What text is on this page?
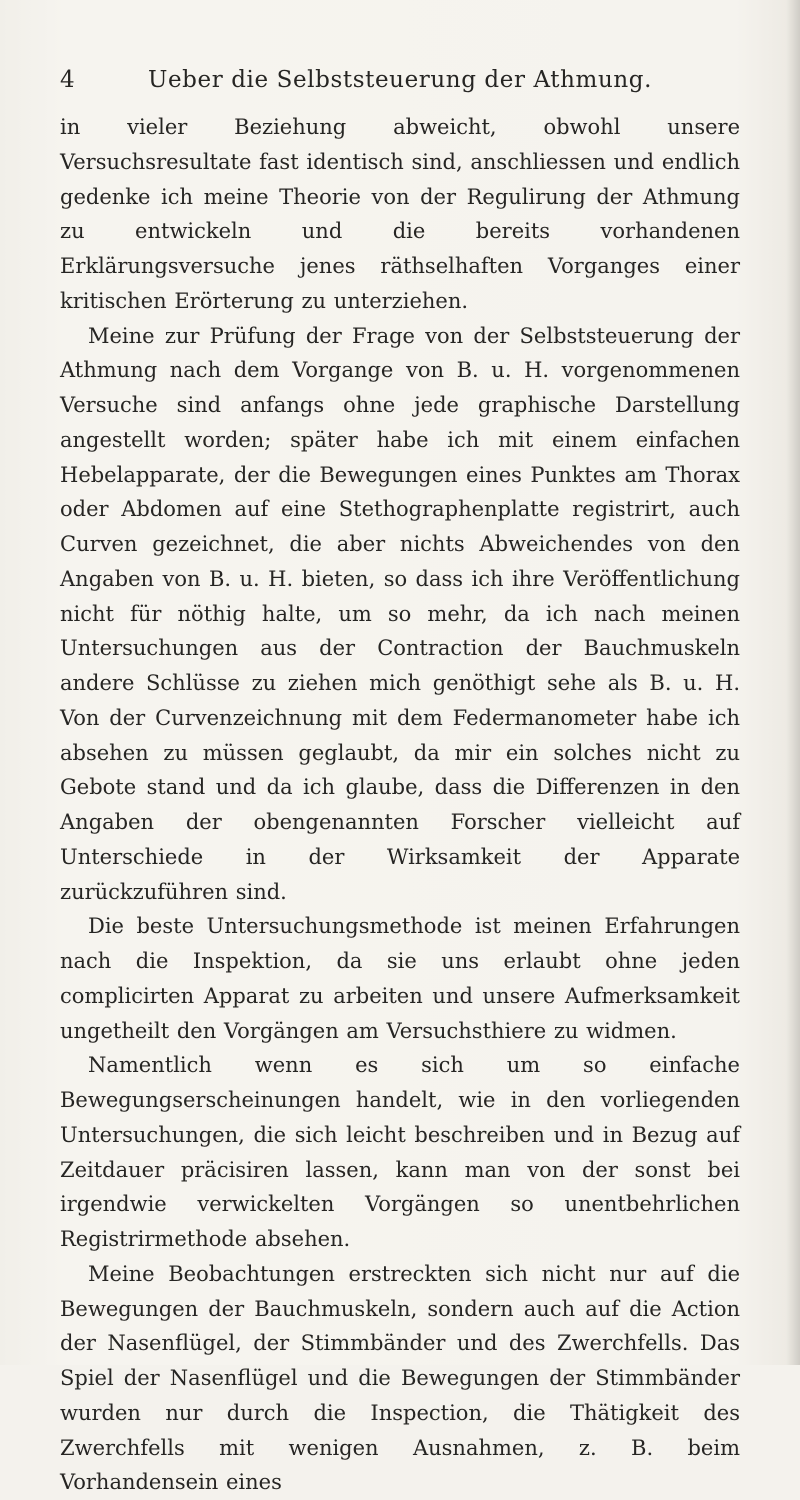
4	Ueber die Selbststeuerung der Athmung.

in vieler Beziehung abweicht, obwohl unsere Versuchsresultate fast identisch sind, anschliessen und endlich gedenke ich meine Theorie von der Regulirung der Athmung zu entwickeln und die bereits vorhandenen Erklärungsversuche jenes räthselhaften Vorganges einer kritischen Erörterung zu unterziehen.

Meine zur Prüfung der Frage von der Selbststeuerung der Athmung nach dem Vorgange von B. u. H. vorgenommenen Versuche sind anfangs ohne jede graphische Darstellung angestellt worden; später habe ich mit einem einfachen Hebelapparate, der die Bewegungen eines Punktes am Thorax oder Abdomen auf eine Stethographenplatte registrirt, auch Curven gezeichnet, die aber nichts Abweichendes von den Angaben von B. u. H. bieten, so dass ich ihre Veröffentlichung nicht für nöthig halte, um so mehr, da ich nach meinen Untersuchungen aus der Contraction der Bauchmuskeln andere Schlüsse zu ziehen mich genöthigt sehe als B. u. H. Von der Curvenzeichnung mit dem Federmanometer habe ich absehen zu müssen geglaubt, da mir ein solches nicht zu Gebote stand und da ich glaube, dass die Differenzen in den Angaben der obengenannten Forscher vielleicht auf Unterschiede in der Wirksamkeit der Apparate zurückzuführen sind.

Die beste Untersuchungsmethode ist meinen Erfahrungen nach die Inspektion, da sie uns erlaubt ohne jeden complicirten Apparat zu arbeiten und unsere Aufmerksamkeit ungetheilt den Vorgängen am Versuchsthiere zu widmen.

Namentlich wenn es sich um so einfache Bewegungserscheinungen handelt, wie in den vorliegenden Untersuchungen, die sich leicht beschreiben und in Bezug auf Zeitdauer präcisiren lassen, kann man von der sonst bei irgendwie verwickelten Vorgängen so unentbehrlichen Registrirmethode absehen.

Meine Beobachtungen erstreckten sich nicht nur auf die Bewegungen der Bauchmuskeln, sondern auch auf die Action der Nasenflügel, der Stimmbänder und des Zwerchfells. Das Spiel der Nasenflügel und die Bewegungen der Stimmbänder wurden nur durch die Inspection, die Thätigkeit des Zwerchfells mit wenigen Ausnahmen, z. B. beim Vorhandensein eines
